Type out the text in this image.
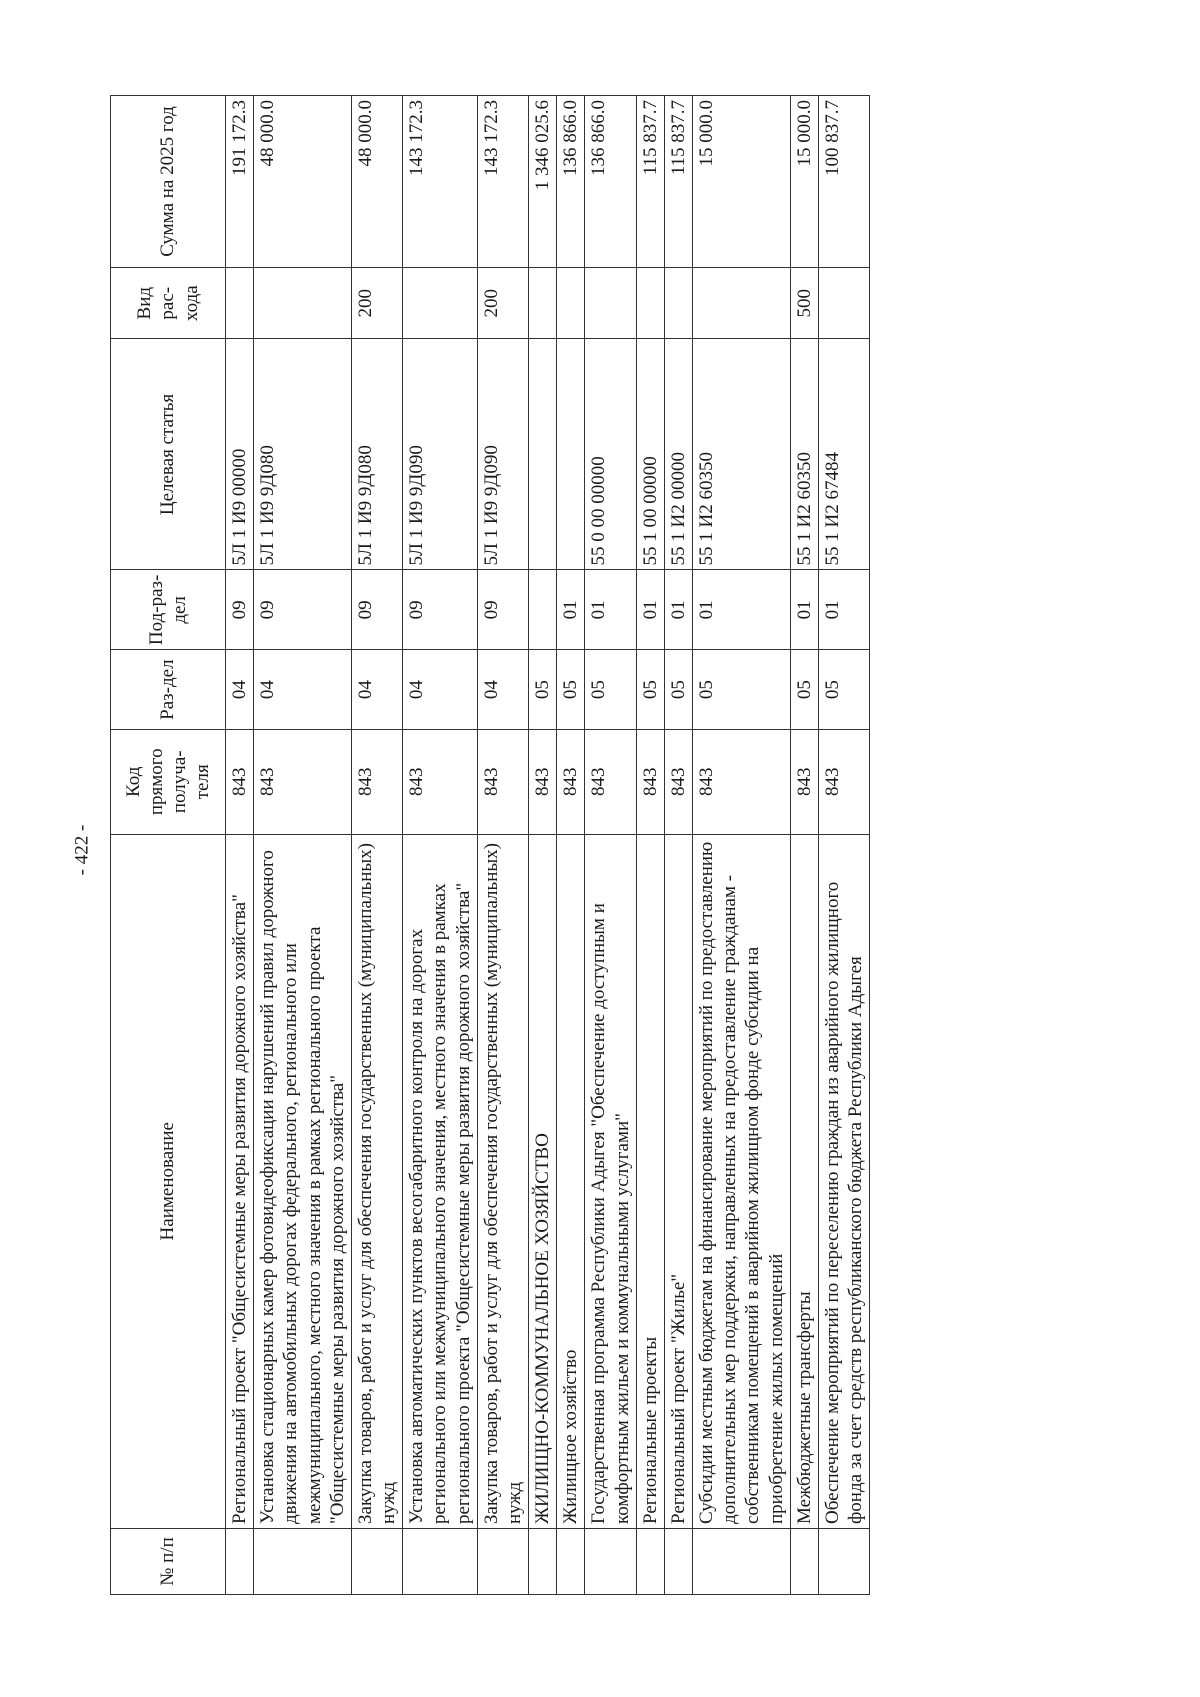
- 422 -
№ п/п	Наименование	Код прямого получа-теля	Раз-дел	Под-раз-дел	Целевая статья	Вид рас-хода	Сумма на 2025 год
	Региональный проект "Общесистемные меры развития дорожного хозяйства"	843	04	09	5Л 1 И9 00000		191 172.3
	Установка стационарных камер фотовидеофиксации нарушений правил дорожного движения на автомобильных дорогах федерального, регионального или межмуниципального, местного значения в рамках регионального проекта "Общесистемные меры развития дорожного хозяйства"	843	04	09	5Л 1 И9 9Д080		48 000.0
	Закупка товаров, работ и услуг для обеспечения государственных (муниципальных) нужд	843	04	09	5Л 1 И9 9Д080	200	48 000.0
	Установка автоматических пунктов весогабаритного контроля на дорогах регионального или межмуниципального значения, местного значения в рамках регионального проекта "Общесистемные меры развития дорожного хозяйства"	843	04	09	5Л 1 И9 9Д090		143 172.3
	Закупка товаров, работ и услуг для обеспечения государственных (муниципальных) нужд	843	04	09	5Л 1 И9 9Д090	200	143 172.3
	ЖИЛИЩНО-КОММУНАЛЬНОЕ ХОЗЯЙСТВО	843	05				1 346 025.6
	Жилищное хозяйство	843	05	01			136 866.0
	Государственная программа Республики Адыгея "Обеспечение доступным и комфортным жильем и коммунальными услугами"	843	05	01	55 0 00 00000		136 866.0
	Региональные проекты	843	05	01	55 1 00 00000		115 837.7
	Региональный проект "Жилье"	843	05	01	55 1 И2 00000		115 837.7
	Субсидии местным бюджетам на финансирование мероприятий по предоставлению дополнительных мер поддержки, направленных на предоставление гражданам - собственникам помещений в аварийном жилищном фонде субсидии на приобретение жилых помещений	843	05	01	55 1 И2 60350		15 000.0
	Межбюджетные трансферты	843	05	01	55 1 И2 60350	500	15 000.0
	Обеспечение мероприятий по переселению граждан из аварийного жилищного фонда за счет средств республиканского бюджета Республики Адыгея	843	05	01	55 1 И2 67484		100 837.7
